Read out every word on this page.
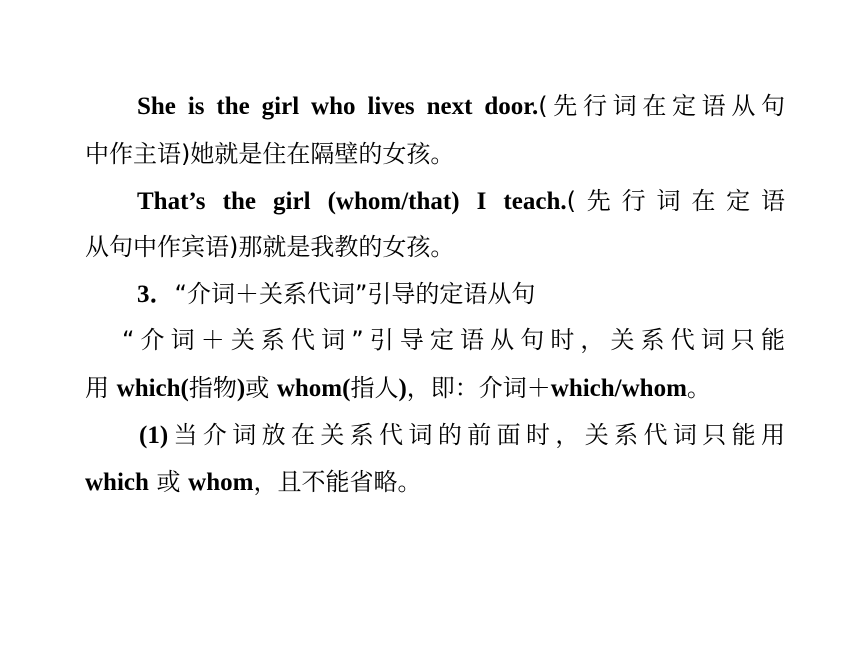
She is the girl who lives next door.(先行词在定语从句
中作主语)她就是住在隔壁的女孩。
That’s the girl (whom/that) I teach.(先行词在定语
从句中作宾语)那就是我教的女孩。
3．“介词＋关系代词”引导的定语从句
“介词＋关系代词”引导定语从句时，关系代词只能
用 which(指物)或 whom(指人)，即：介词＋which/whom。
(1)当介词放在关系代词的前面时，关系代词只能用
which 或 whom，且不能省略。
